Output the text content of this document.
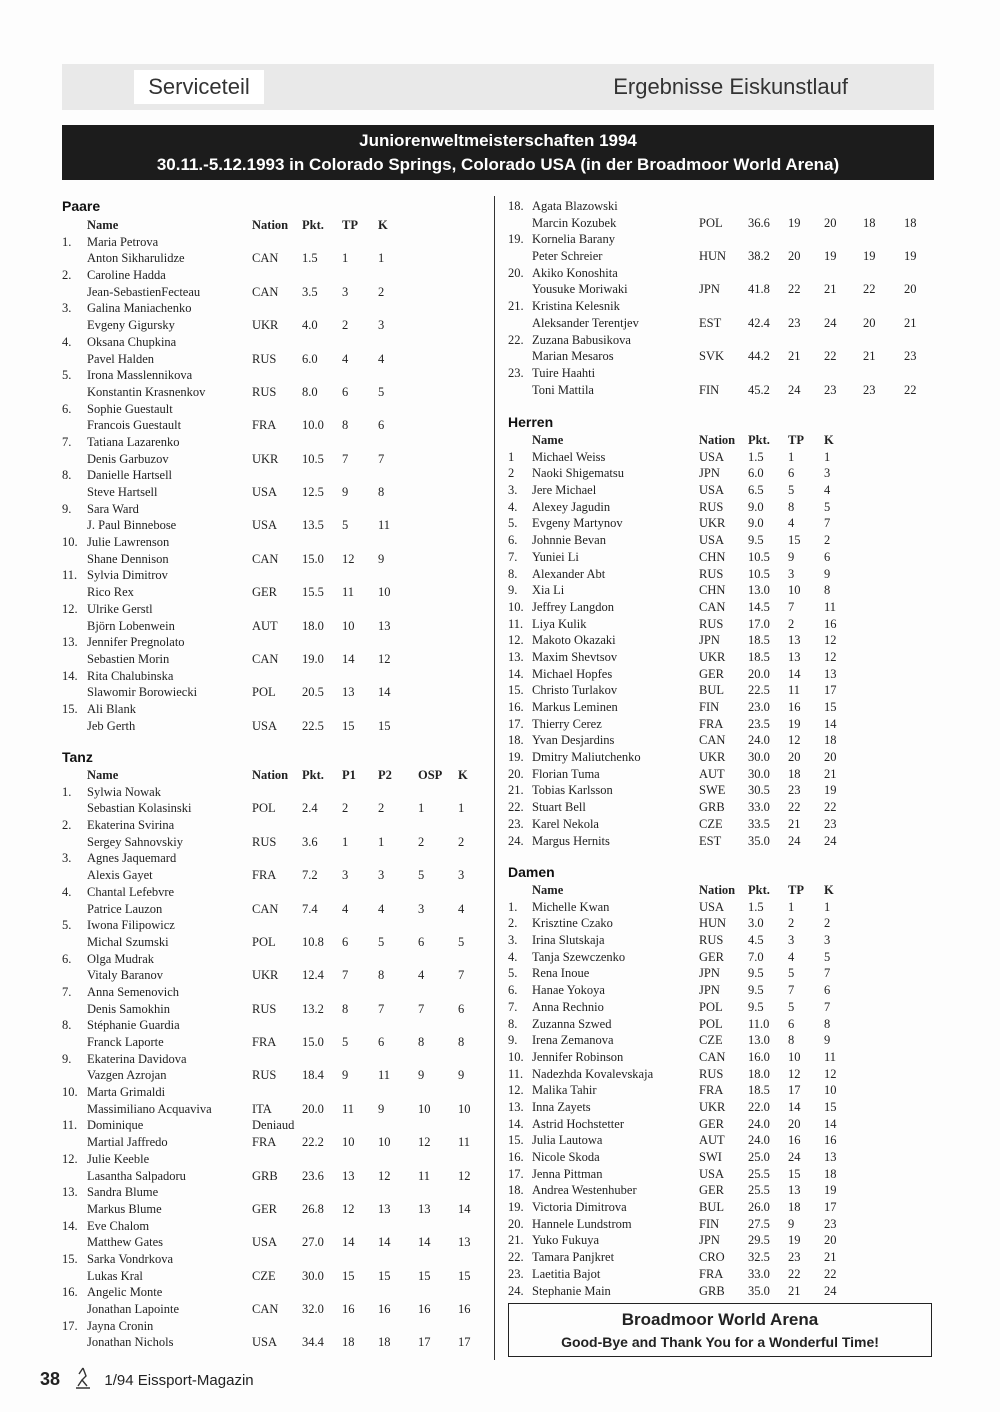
Serviceteil	Ergebnisse Eiskunstlauf
Juniorenweltmeisterschaften 1994
30.11.-5.12.1993 in Colorado Springs, Colorado USA (in der Broadmoor World Arena)
Paare
Name	Nation Pkt. TP K
1. Maria Petrova
Anton Sikharulidze	CAN 1.5 1 1
2. Caroline Hadda
Jean-SebastienFecteau	CAN 3.5 3 2
3. Galina Maniachenko
Evgeny Gigursky	UKR 4.0 2 3
4. Oksana Chupkina
Pavel Halden	RUS 6.0 4 4
5. Irona Masslennikova
Konstantin Krasnenkov	RUS 8.0 6 5
6. Sophie Guestault
Francois Guestault	FRA 10.0 8 6
7. Tatiana Lazarenko
Denis Garbuzov	UKR 10.5 7 7
8. Danielle Hartsell
Steve Hartsell	USA 12.5 9 8
9. Sara Ward
J. Paul Binnebose	USA 13.5 5 11
10. Julie Lawrenson
Shane Dennison	CAN 15.0 12 9
11. Sylvia Dimitrov
Rico Rex	GER 15.5 11 10
12. Ulrike Gerstl
Björn Lobenwein	AUT 18.0 10 13
13. Jennifer Pregnolato
Sebastien Morin	CAN 19.0 14 12
14. Rita Chalubinska
Slawomir Borowiecki	POL 20.5 13 14
15. Ali Blank
Jeb Gerth	USA 22.5 15 15
Tanz
Name	Nation Pkt. P1 P2 OSP K
1. Sylwia Nowak
Sebastian Kolasinski	POL 2.4 2 2	1	1
2. Ekaterina Svirina
Sergey Sahnovskiy	RUS 3.6 1 1	2	2
3. Agnes Jaquemard
Alexis Gayet	FRA 7.2 3 3	5	3
4. Chantal Lefebvre
Patrice Lauzon	CAN 7.4 4 4	3	4
5. Iwona Filipowicz
Michal Szumski	POL 10.8 6 5	6	5
6. Olga Mudrak
Vitaly Baranov	UKR 12.4 7 8	4	7
7. Anna Semenovich
Denis Samokhin	RUS 13.2 8 7	7	6
8. Stéphanie Guardia
Franck Laporte	FRA 15.0 5 6	8	8
9. Ekaterina Davidova
Vazgen Azrojan	RUS 18.4 9 11 9	9
10. Marta Grimaldi
Massimiliano Acquaviva	ITA 20.0 11 9	10 10
11. Dominique	Deniaud
Martial Jaffredo	FRA 22.2 10 10 12 11
12. Julie Keeble
Lasantha Salpadoru	GRB 23.6 13 12 11 12
13. Sandra Blume
Markus Blume	GER 26.8 12 13 13 14
14. Eve Chalom
Matthew Gates	USA 27.0 14 14 14 13
15. Sarka Vondrkova
Lukas Kral	CZE 30.0 15 15 15 15
16. Angelic Monte
Jonathan Lapointe	CAN 32.0 16 16 16 16
17. Jayna Cronin
Jonathan Nichols	USA 34.4 18 18 17 17
18. Agata Blazowski
Marcin Kozubek	POL 36.6 19 20 18 18
19. Kornelia Barany
Peter Schreier	HUN 38.2 20 19 19 19
20. Akiko Konoshita
Yousuke Moriwaki	JPN 41.8 22 21 22 20
21. Kristina Kelesnik
Aleksander Terentjev	EST 42.4 23 24 20 21
22. Zuzana Babusikova
Marian Mesaros	SVK 44.2 21 22 21 23
23. Tuire Haahti
Toni Mattila	FIN 45.2 24 23 23 22
Herren
Name	Nation Pkt. TP K
1 Michael Weiss	USA 1.5 1 1
2 Naoki Shigematsu	JPN 6.0 6 3
3. Jere Michael	USA 6.5 5 4
4. Alexey Jagudin	RUS 9.0 8 5
5. Evgeny Martynov	UKR 9.0 4 7
6. Johnnie Bevan	USA 9.5 15 2
7. Yuniei Li	CHN 10.5 9 6
8. Alexander Abt	RUS 10.5 3 9
9. Xia Li	CHN 13.0 10 8
10. Jeffrey Langdon	CAN 14.5 7 11
11. Liya Kulik	RUS 17.0 2 16
12. Makoto Okazaki	JPN 18.5 13 12
13. Maxim Shevtsov	UKR 18.5 13 12
14. Michael Hopfes	GER 20.0 14 13
15. Christo Turlakov	BUL 22.5 11 17
16. Markus Leminen	FIN 23.0 16 15
17. Thierry Cerez	FRA 23.5 19 14
18. Yvan Desjardins	CAN 24.0 12 18
19. Dmitry Maliutchenko	UKR 30.0 20 20
20. Florian Tuma	AUT 30.0 18 21
21. Tobias Karlsson	SWE 30.5 23 19
22. Stuart Bell	GRB 33.0 22 22
23. Karel Nekola	CZE 33.5 21 23
24. Margus Hernits	EST 35.0 24 24
Damen
Name	Nation Pkt. TP K
1. Michelle Kwan	USA 1.5 1 1
2. Krisztine Czako	HUN 3.0 2 2
3. Irina Slutskaja	RUS 4.5 3 3
4. Tanja Szewczenko	GER 7.0 4 5
5. Rena Inoue	JPN 9.5 5 7
6. Hanae Yokoya	JPN 9.5 7 6
7. Anna Rechnio	POL 9.5 5 7
8. Zuzanna Szwed	POL 11.0 6 8
9. Irena Zemanova	CZE 13.0 8 9
10. Jennifer Robinson	CAN 16.0 10 11
11. Nadezhda Kovalevskaja	RUS 18.0 12 12
12. Malika Tahir	FRA 18.5 17 10
13. Inna Zayets	UKR 22.0 14 15
14. Astrid Hochstetter	GER 24.0 20 14
15. Julia Lautowa	AUT 24.0 16 16
16. Nicole Skoda	SWI 25.0 24 13
17. Jenna Pittman	USA 25.5 15 18
18. Andrea Westenhuber	GER 25.5 13 19
19. Victoria Dimitrova	BUL 26.0 18 17
20. Hannele Lundstrom	FIN 27.5 9 23
21. Yuko Fukuya	JPN 29.5 19 20
22. Tamara Panjkret	CRO 32.5 23 21
23. Laetitia Bajot	FRA 33.0 22 22
24. Stephanie Main	GRB 35.0 21 24
Broadmoor World Arena
Good-Bye and Thank You for a Wonderful Time!
38	1/94 Eissport-Magazin
